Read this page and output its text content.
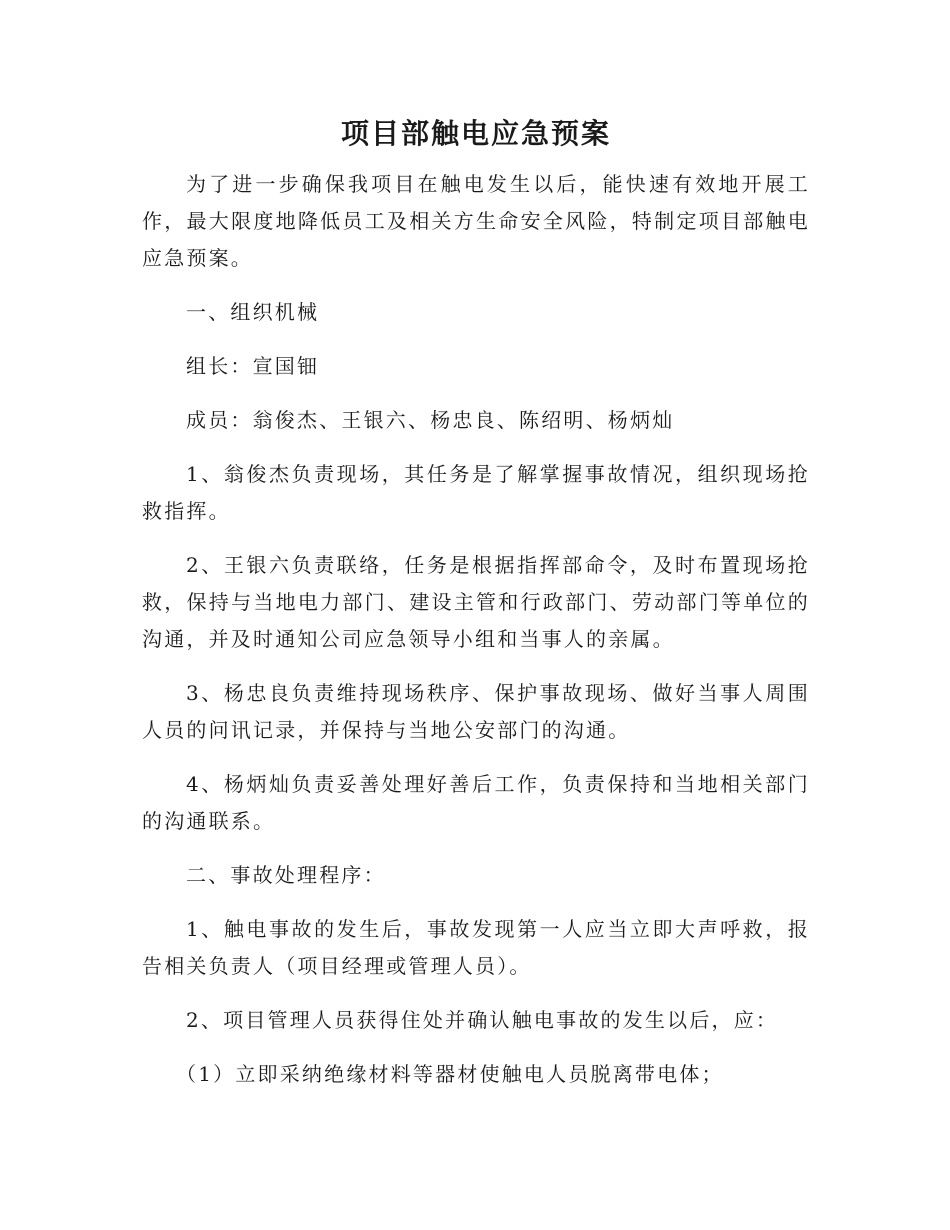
项目部触电应急预案

为了进一步确保我项目在触电发生以后，能快速有效地开展工作，最大限度地降低员工及相关方生命安全风险，特制定项目部触电应急预案。

一、组织机械

组长：宣国钿

成员：翁俊杰、王银六、杨忠良、陈绍明、杨炳灿

1、翁俊杰负责现场，其任务是了解掌握事故情况，组织现场抢救指挥。

2、王银六负责联络，任务是根据指挥部命令，及时布置现场抢救，保持与当地电力部门、建设主管和行政部门、劳动部门等单位的沟通，并及时通知公司应急领导小组和当事人的亲属。

3、杨忠良负责维持现场秩序、保护事故现场、做好当事人周围人员的问讯记录，并保持与当地公安部门的沟通。

4、杨炳灿负责妥善处理好善后工作，负责保持和当地相关部门的沟通联系。

二、事故处理程序：

1、触电事故的发生后，事故发现第一人应当立即大声呼救，报告相关负责人（项目经理或管理人员）。

2、项目管理人员获得住处并确认触电事故的发生以后，应：

（1）立即采纳绝缘材料等器材使触电人员脱离带电体；
